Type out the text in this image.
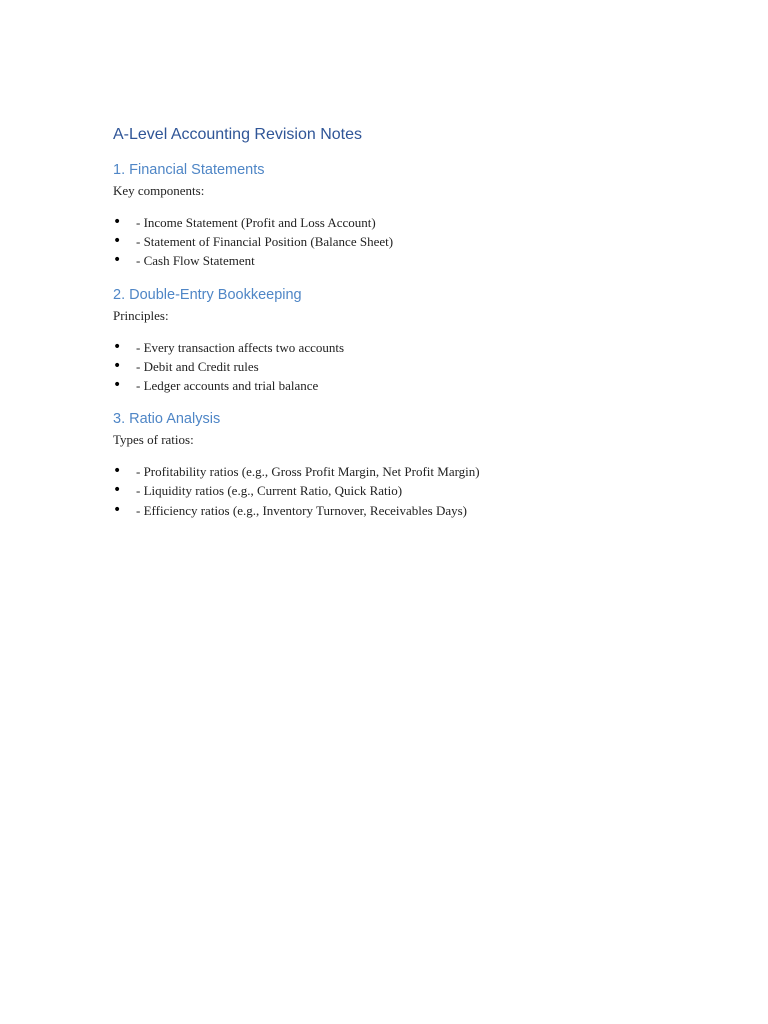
A-Level Accounting Revision Notes
1. Financial Statements

Key components:

• - Income Statement (Profit and Loss Account)
• - Statement of Financial Position (Balance Sheet)
• - Cash Flow Statement
2. Double-Entry Bookkeeping

Principles:

• - Every transaction affects two accounts
• - Debit and Credit rules
• - Ledger accounts and trial balance
3. Ratio Analysis

Types of ratios:

• - Profitability ratios (e.g., Gross Profit Margin, Net Profit Margin)
• - Liquidity ratios (e.g., Current Ratio, Quick Ratio)
• - Efficiency ratios (e.g., Inventory Turnover, Receivables Days)
